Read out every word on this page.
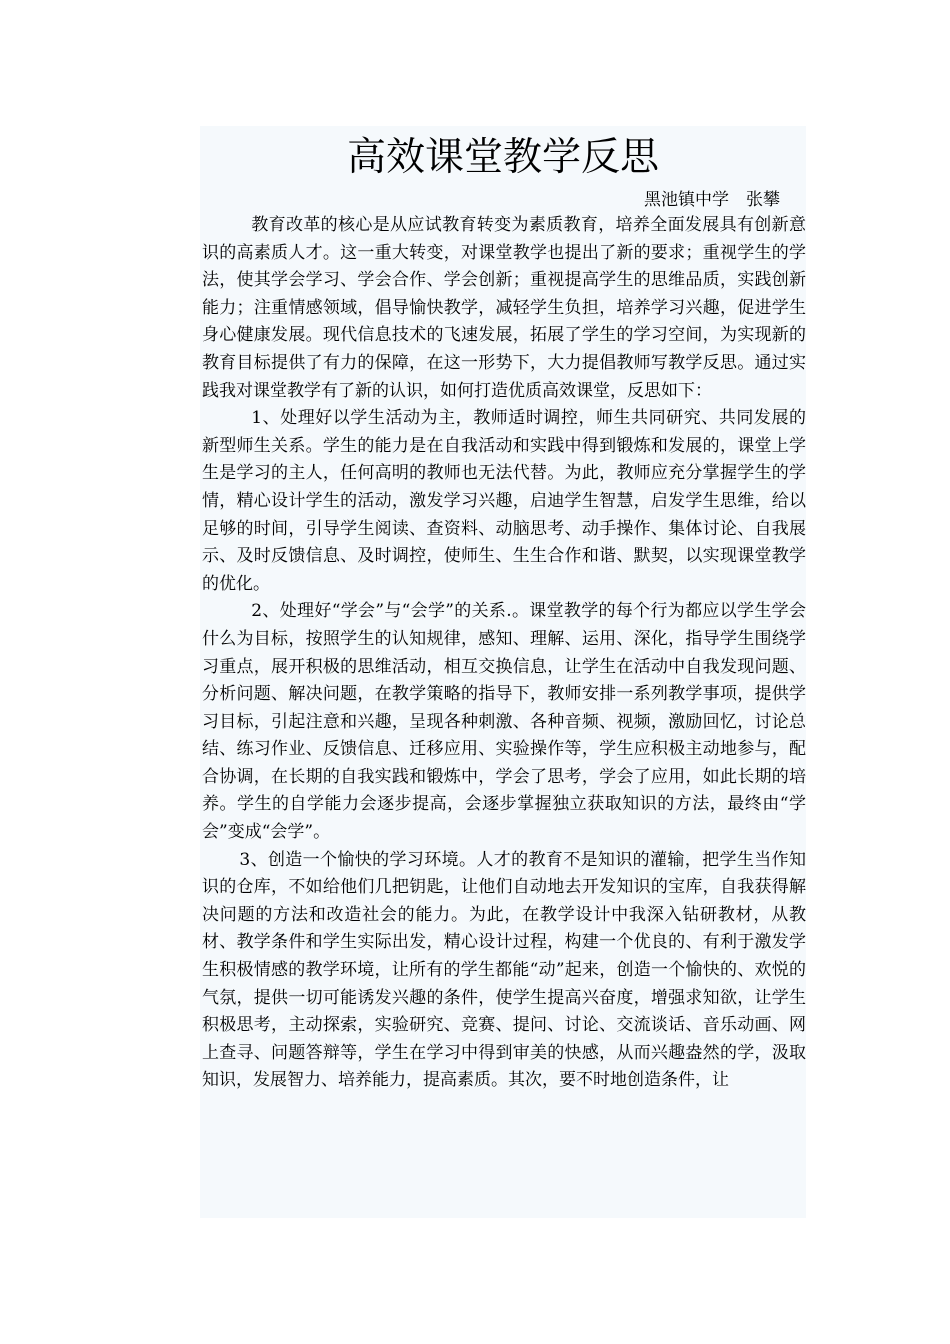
高效课堂教学反思
黑池镇中学　张攀

教育改革的核心是从应试教育转变为素质教育，培养全面发展具有创新意识的高素质人才。这一重大转变，对课堂教学也提出了新的要求；重视学生的学法，使其学会学习、学会合作、学会创新；重视提高学生的思维品质，实践创新能力；注重情感领域，倡导愉快教学，减轻学生负担，培养学习兴趣，促进学生身心健康发展。现代信息技术的飞速发展，拓展了学生的学习空间，为实现新的教育目标提供了有力的保障，在这一形势下，大力提倡教师写教学反思。通过实践我对课堂教学有了新的认识，如何打造优质高效课堂，反思如下：

1、处理好以学生活动为主，教师适时调控，师生共同研究、共同发展的新型师生关系。学生的能力是在自我活动和实践中得到锻炼和发展的，课堂上学生是学习的主人，任何高明的教师也无法代替。为此，教师应充分掌握学生的学情，精心设计学生的活动，激发学习兴趣，启迪学生智慧，启发学生思维，给以足够的时间，引导学生阅读、查资料、动脑思考、动手操作、集体讨论、自我展示、及时反馈信息、及时调控，使师生、生生合作和谐、默契，以实现课堂教学的优化。

2、处理好“学会”与“会学”的关系.。课堂教学的每个行为都应以学生学会什么为目标，按照学生的认知规律，感知、理解、运用、深化，指导学生围绕学习重点，展开积极的思维活动，相互交换信息，让学生在活动中自我发现问题、分析问题、解决问题，在教学策略的指导下，教师安排一系列教学事项，提供学习目标，引起注意和兴趣，呈现各种刺激、各种音频、视频，激励回忆，讨论总结、练习作业、反馈信息、迁移应用、实验操作等，学生应积极主动地参与，配合协调，在长期的自我实践和锻炼中，学会了思考，学会了应用，如此长期的培养。学生的自学能力会逐步提高，会逐步掌握独立获取知识的方法，最终由“学会”变成“会学”。

3、创造一个愉快的学习环境。人才的教育不是知识的灌输，把学生当作知识的仓库，不如给他们几把钥匙，让他们自动地去开发知识的宝库，自我获得解决问题的方法和改造社会的能力。为此，在教学设计中我深入钻研教材，从教材、教学条件和学生实际出发，精心设计过程，构建一个优良的、有利于激发学生积极情感的教学环境，让所有的学生都能“动”起来，创造一个愉快的、欢悦的气氛，提供一切可能诱发兴趣的条件，使学生提高兴奋度，增强求知欲，让学生积极思考，主动探索，实验研究、竞赛、提问、讨论、交流谈话、音乐动画、网上查寻、问题答辩等，学生在学习中得到审美的快感，从而兴趣盎然的学，汲取知识，发展智力、培养能力，提高素质。其次，要不时地创造条件，让
